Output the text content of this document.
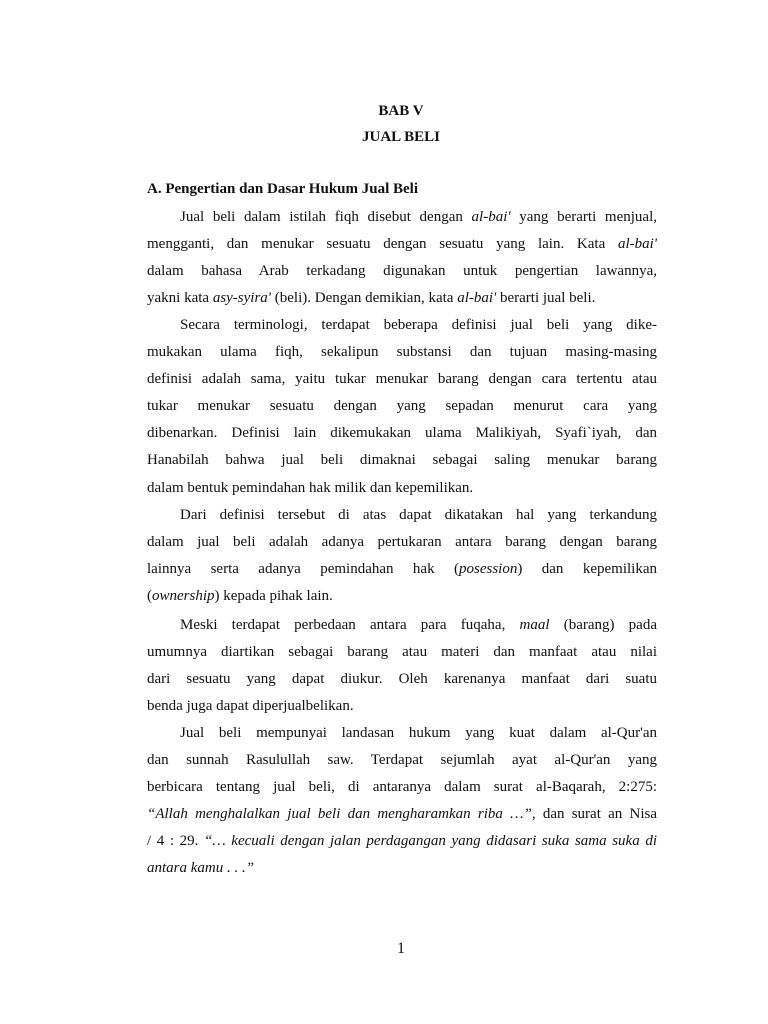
BAB V
JUAL BELI
A. Pengertian dan Dasar Hukum Jual Beli
Jual beli dalam istilah fiqh disebut dengan al-bai' yang berarti menjual,
mengganti, dan menukar sesuatu dengan sesuatu yang lain. Kata al-bai'
dalam bahasa Arab terkadang digunakan untuk pengertian lawannya,
yakni kata asy-syira' (beli). Dengan demikian, kata al-bai' berarti jual beli.
Secara terminologi, terdapat beberapa definisi jual beli yang dike-
mukakan ulama fiqh, sekalipun substansi dan tujuan masing-masing
definisi adalah sama, yaitu tukar menukar barang dengan cara tertentu atau
tukar menukar sesuatu dengan yang sepadan menurut cara yang
dibenarkan. Definisi lain dikemukakan ulama Malikiyah, Syafi`iyah, dan
Hanabilah bahwa jual beli dimaknai sebagai saling menukar barang
dalam bentuk pemindahan hak milik dan kepemilikan.
Dari definisi tersebut di atas dapat dikatakan hal yang terkandung
dalam jual beli adalah adanya pertukaran antara barang dengan barang
lainnya serta adanya pemindahan hak (posession) dan kepemilikan
(ownership) kepada pihak lain.
Meski terdapat perbedaan antara para fuqaha, maal (barang) pada
umumnya diartikan sebagai barang atau materi dan manfaat atau nilai
dari sesuatu yang dapat diukur. Oleh karenanya manfaat dari suatu
benda juga dapat diperjualbelikan.
Jual beli mempunyai landasan hukum yang kuat dalam al-Qur'an
dan sunnah Rasulullah saw. Terdapat sejumlah ayat al-Qur'an yang
berbicara tentang jual beli, di antaranya dalam surat al-Baqarah, 2:275:
“Allah menghalalkan jual beli dan mengharamkan riba …”, dan surat an Nisa
/ 4 : 29. “… kecuali dengan jalan perdagangan yang didasari suka sama suka di
antara kamu . . .”
1
